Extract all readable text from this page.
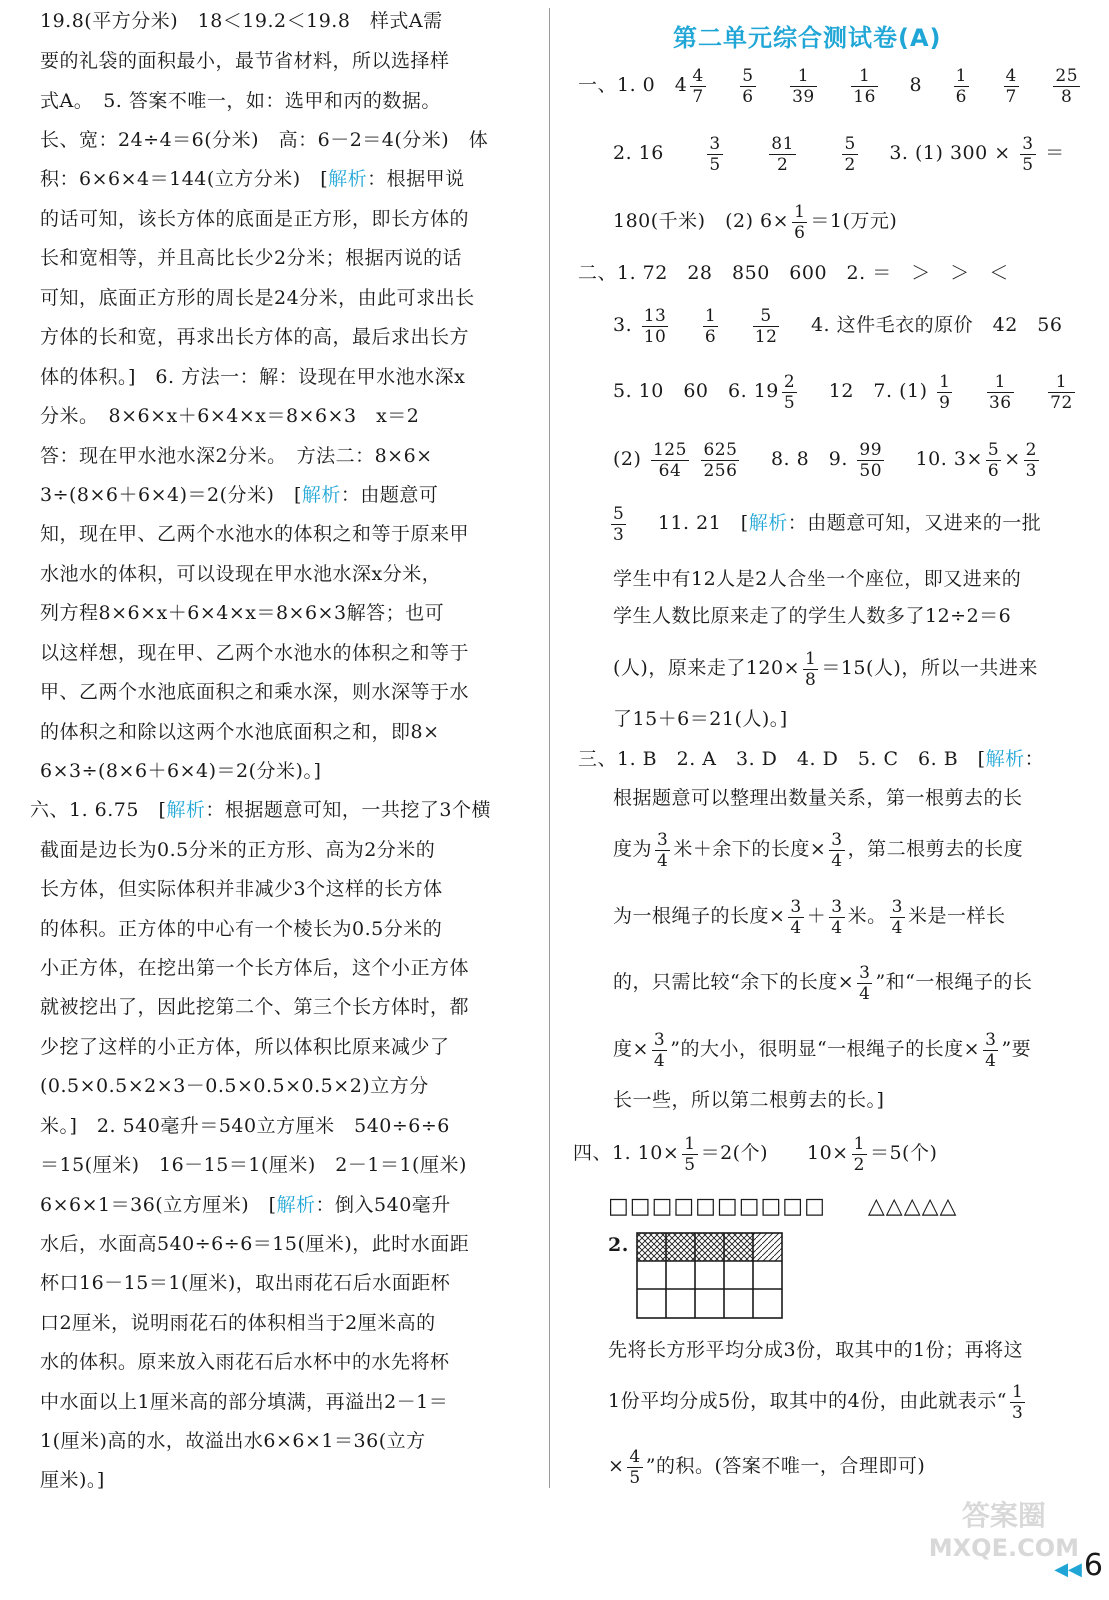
19.8(平方分米)　18＜19.2＜19.8　样式A需
要的礼袋的面积最小，最节省材料，所以选择样
式A。　5. 答案不唯一，如：选甲和丙的数据。
长、宽：24÷4＝6(分米)　高：6－2＝4(分米)　体
积：6×6×4＝144(立方分米)　[解析：根据甲说
的话可知，该长方体的底面是正方形，即长方体的
长和宽相等，并且高比长少2分米；根据丙说的话
可知，底面正方形的周长是24分米，由此可求出长
方体的长和宽，再求出长方体的高，最后求出长方
体的体积。]　6. 方法一：解：设现在甲水池水深x
分米。　8×6×x＋6×4×x＝8×6×3　x＝2
答：现在甲水池水深2分米。　方法二：8×6×
3÷(8×6＋6×4)＝2(分米)　[解析：由题意可
知，现在甲、乙两个水池水的体积之和等于原来甲
水池水的体积，可以设现在甲水池水深x分米，
列方程8×6×x＋6×4×x＝8×6×3解答；也可
以这样想，现在甲、乙两个水池水的体积之和等于
甲、乙两个水池底面积之和乘水深，则水深等于水
的体积之和除以这两个水池底面积之和，即8×
6×3÷(8×6＋6×4)＝2(分米)。]
六、1. 6.75　[解析：根据题意可知，一共挖了3个横
截面是边长为0.5分米的正方形、高为2分米的
长方体，但实际体积并非减少3个这样的长方体
的体积。正方体的中心有一个棱长为0.5分米的
小正方体，在挖出第一个长方体后，这个小正方体
就被挖出了，因此挖第二个、第三个长方体时，都
少挖了这样的小正方体，所以体积比原来减少了
(0.5×0.5×2×3－0.5×0.5×0.5×2)立方分
米。]　2. 540毫升＝540立方厘米　540÷6÷6
＝15(厘米)　16－15＝1(厘米)　2－1＝1(厘米)
6×6×1＝36(立方厘米)　[解析：倒入540毫升
水后，水面高540÷6÷6＝15(厘米)，此时水面距
杯口16－15＝1(厘米)，取出雨花石后水面距杯
口2厘米，说明雨花石的体积相当于2厘米高的
水的体积。原来放入雨花石后水杯中的水先将杯
中水面以上1厘米高的部分填满，再溢出2－1＝
1(厘米)高的水，故溢出水6×6×1＝36(立方
厘米)。]
第二单元综合测试卷(A)
一、1. 0　$4 \frac{4}{7}$
$\frac{5}{6}$
$\frac{1}{39}$
$\frac{1}{16} 8 \frac{1}{6}$
$\frac{4}{7}$
$\frac{25}{8}$
2. 16	$\frac{3}{5}$
	$\frac{81}{2}$
	$\frac{5}{2} 3$. (1) $300 \times \frac{3}{5}$ ＝
180(千米)　(2) $6\times \frac{1}{6} =1$(万元)
二、1. 72　28　850　600　2. ＝　＞　＞　＜
3. $\frac{13}{10}$
$\frac{1}{6}$
$\frac{5}{12} 4$. 这件毛衣的原价　42　56
5. 10　60　6. $19 \frac{2}{5} 12$　7. $(1) \frac{1}{9}$
$\frac{1}{36}$
$\frac{1}{72}$
$(2) \frac{125}{64}$
$\frac{625}{256} 8$. 8　9. $\frac{99}{50} 10$. $3\times \frac{5}{6} \times \frac{2}{3}$
$\frac{5}{3} 11$. 21　[解析：由题意可知，又进来的一批
学生中有12人是2人合坐一个座位，即又进来的
学生人数比原来走了的学生人数多了12÷2＝6
(人)，原来走了$120\times \frac{1}{8} =15$(人)，所以一共进来
了15＋6＝21(人)。]
三、1. B　2. A　3. D　4. D　5. C　6. B　[解析：
根据题意可以整理出数量关系，第一根剪去的长
度为 $\frac{3}{4}$ 米＋余下的长度× $\frac{3}{4}$ ，第二根剪去的长度
为一根绳子的长度× $\frac{3}{4} + \frac{3}{4}$ 米。 $\frac{3}{4}$ 米是一样长
的，只需比较“余下的长度× $\frac{3}{4}$ ”和“一根绳子的长
度× $\frac{3}{4}$ ”的大小，很明显“一根绳子的长度× $\frac{3}{4}$ ”要
长一些，所以第二根剪去的长。]
四、1. $10\times \frac{1}{5} =2$(个)　　$10\times \frac{1}{2} =5$(个)
□□□□□□□□□□ △△△△△
2.
先将长方形平均分成3份，取其中的1份；再将这
1份平均分成5份，取其中的4份，由此就表示“ $\frac{1}{3}$
× $\frac{4}{5}$ ”的积。(答案不唯一，合理即可)
答案圈
MXQE.COM
◀◀6
